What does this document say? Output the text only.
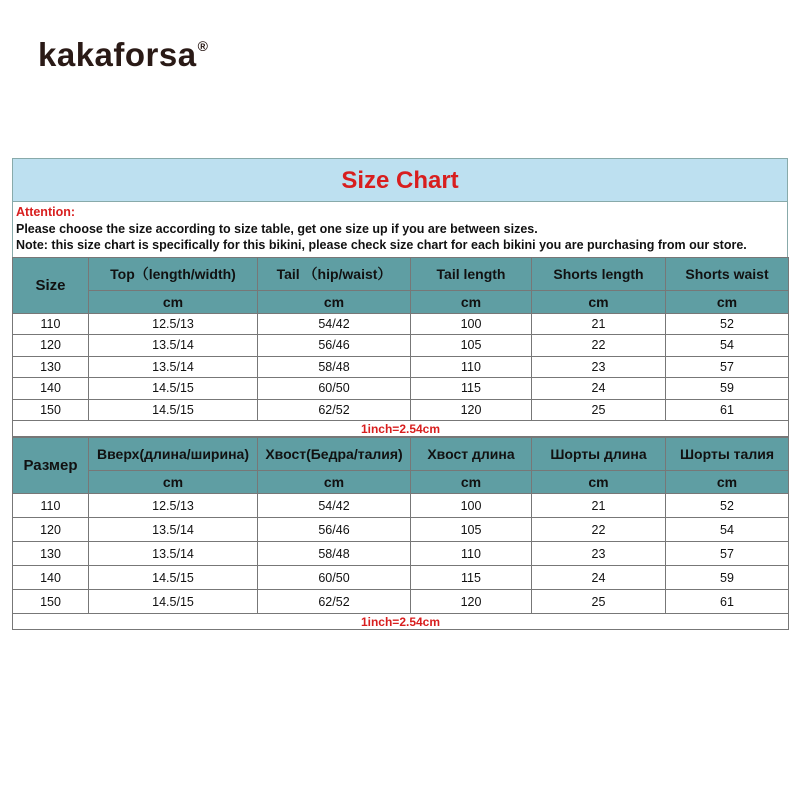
kakaforsa®
Size Chart
Attention:
Please choose the size according to size table, get one size up if you are between sizes.
Note: this size chart is specifically for this bikini, please check size chart for each bikini you are purchasing from our store.
Size	Top（length/width)	Tail （hip/waist）	Tail length	Shorts length	Shorts waist
	cm	cm	cm	cm	cm
110	12.5/13	54/42	100	21	52
120	13.5/14	56/46	105	22	54
130	13.5/14	58/48	110	23	57
140	14.5/15	60/50	115	24	59
150	14.5/15	62/52	120	25	61
1inch=2.54cm					
Размер	Вверх(длина/ширина)	Хвост(Бедра/талия)	Хвост длина	Шорты длина	Шорты талия
	cm	cm	cm	cm	cm
110	12.5/13	54/42	100	21	52
120	13.5/14	56/46	105	22	54
130	13.5/14	58/48	110	23	57
140	14.5/15	60/50	115	24	59
150	14.5/15	62/52	120	25	61
1inch=2.54cm					
